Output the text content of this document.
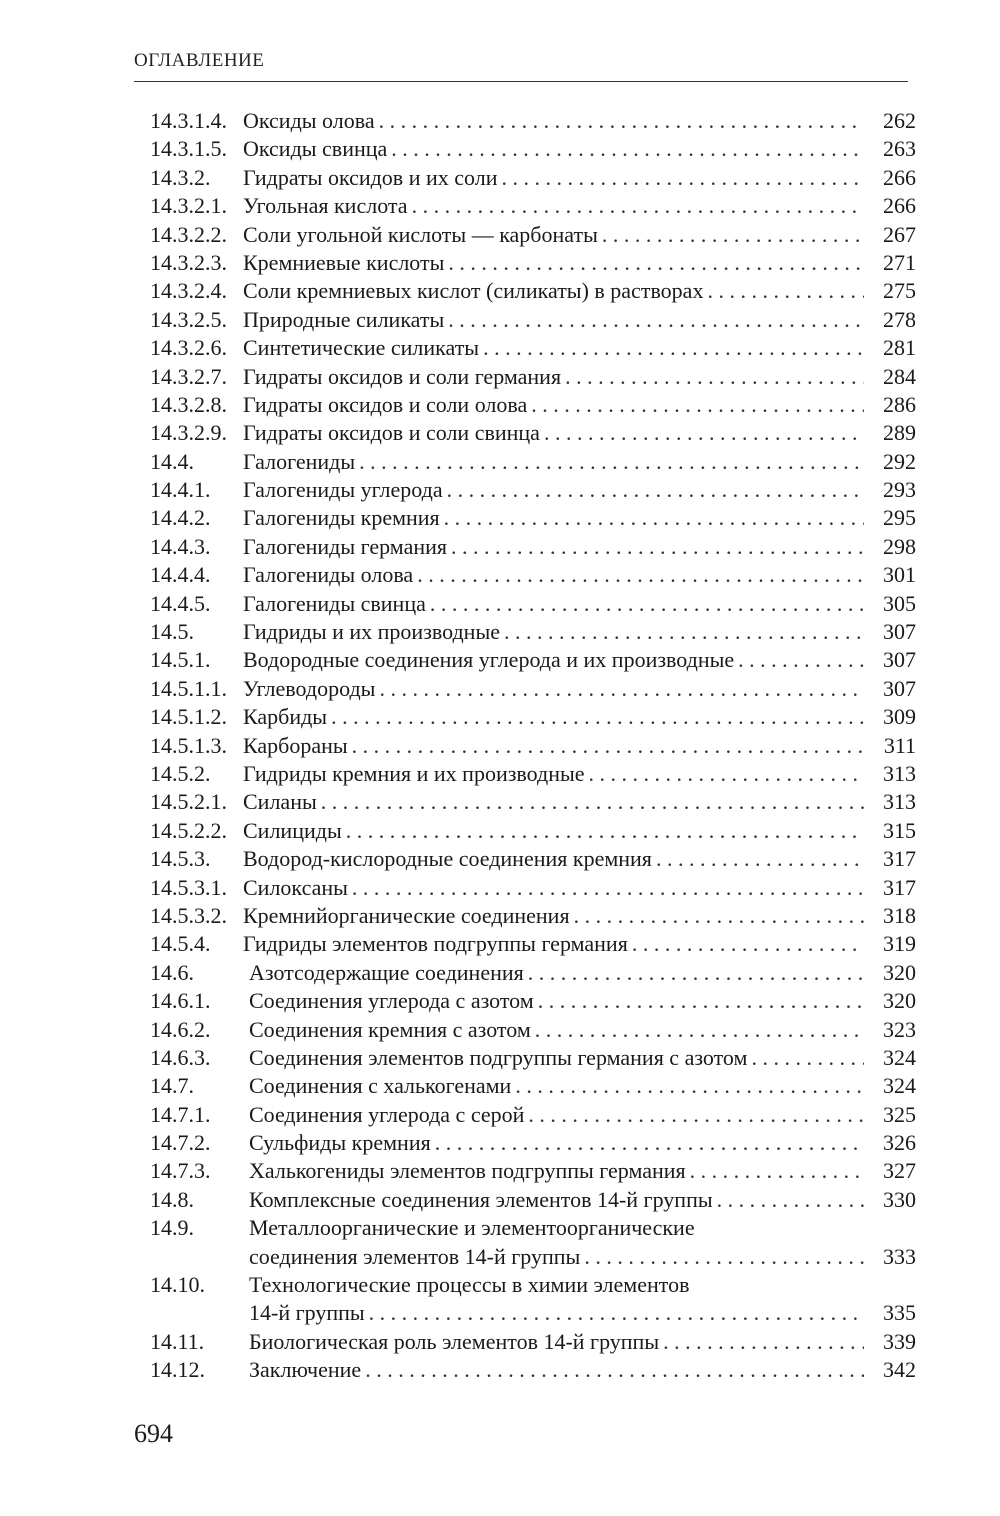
ОГЛАВЛЕНИЕ
14.3.1.4. Оксиды олова . . .	262
14.3.1.5. Оксиды свинца . . .	263
14.3.2.	Гидраты оксидов и их соли . . .	266
14.3.2.1. Угольная кислота . . .	266
14.3.2.2. Соли угольной кислоты — карбонаты . . .	267
14.3.2.3. Кремниевые кислоты . . .	271
14.3.2.4. Соли кремниевых кислот (силикаты) в растворах . . .	275
14.3.2.5. Природные силикаты . . .	278
14.3.2.6. Синтетические силикаты . . .	281
14.3.2.7. Гидраты оксидов и соли германия . . .	284
14.3.2.8. Гидраты оксидов и соли олова . . .	286
14.3.2.9. Гидраты оксидов и соли свинца . . .	289
14.4.	Галогениды . . .	292
14.4.1.	Галогениды углерода . . .	293
14.4.2.	Галогениды кремния . . .	295
14.4.3.	Галогениды германия . . .	298
14.4.4.	Галогениды олова . . .	301
14.4.5.	Галогениды свинца . . .	305
14.5.	Гидриды и их производные . . .	307
14.5.1.	Водородные соединения углерода и их производные . . .	307
14.5.1.1. Углеводороды . . .	307
14.5.1.2. Карбиды . . .	309
14.5.1.3. Карбораны . . .	311
14.5.2.	Гидриды кремния и их производные . . .	313
14.5.2.1. Силаны . . .	313
14.5.2.2. Силициды . . .	315
14.5.3.	Водород-кислородные соединения кремния . . .	317
14.5.3.1. Силоксаны . . .	317
14.5.3.2. Кремнийорганические соединения . . .	318
14.5.4.	Гидриды элементов подгруппы германия . . .	319
14.6.	Азотсодержащие соединения . . .	320
14.6.1.	Соединения углерода с азотом . . .	320
14.6.2.	Соединения кремния с азотом . . .	323
14.6.3.	Соединения элементов подгруппы германия с азотом . . .	324
14.7.	Соединения с халькогенами . . .	324
14.7.1.	Соединения углерода с серой . . .	325
14.7.2.	Сульфиды кремния . . .	326
14.7.3.	Халькогениды элементов подгруппы германия . . .	327
14.8.	Комплексные соединения элементов 14-й группы . . .	330
14.9.	Металлоорганические и элементоорганические
соединения элементов 14-й группы . . .	333
14.10.	Технологические процессы в химии элементов
14-й группы . . .	335
14.11.	Биологическая роль элементов 14-й группы . . .	339
14.12.	Заключение . . .	342
694
